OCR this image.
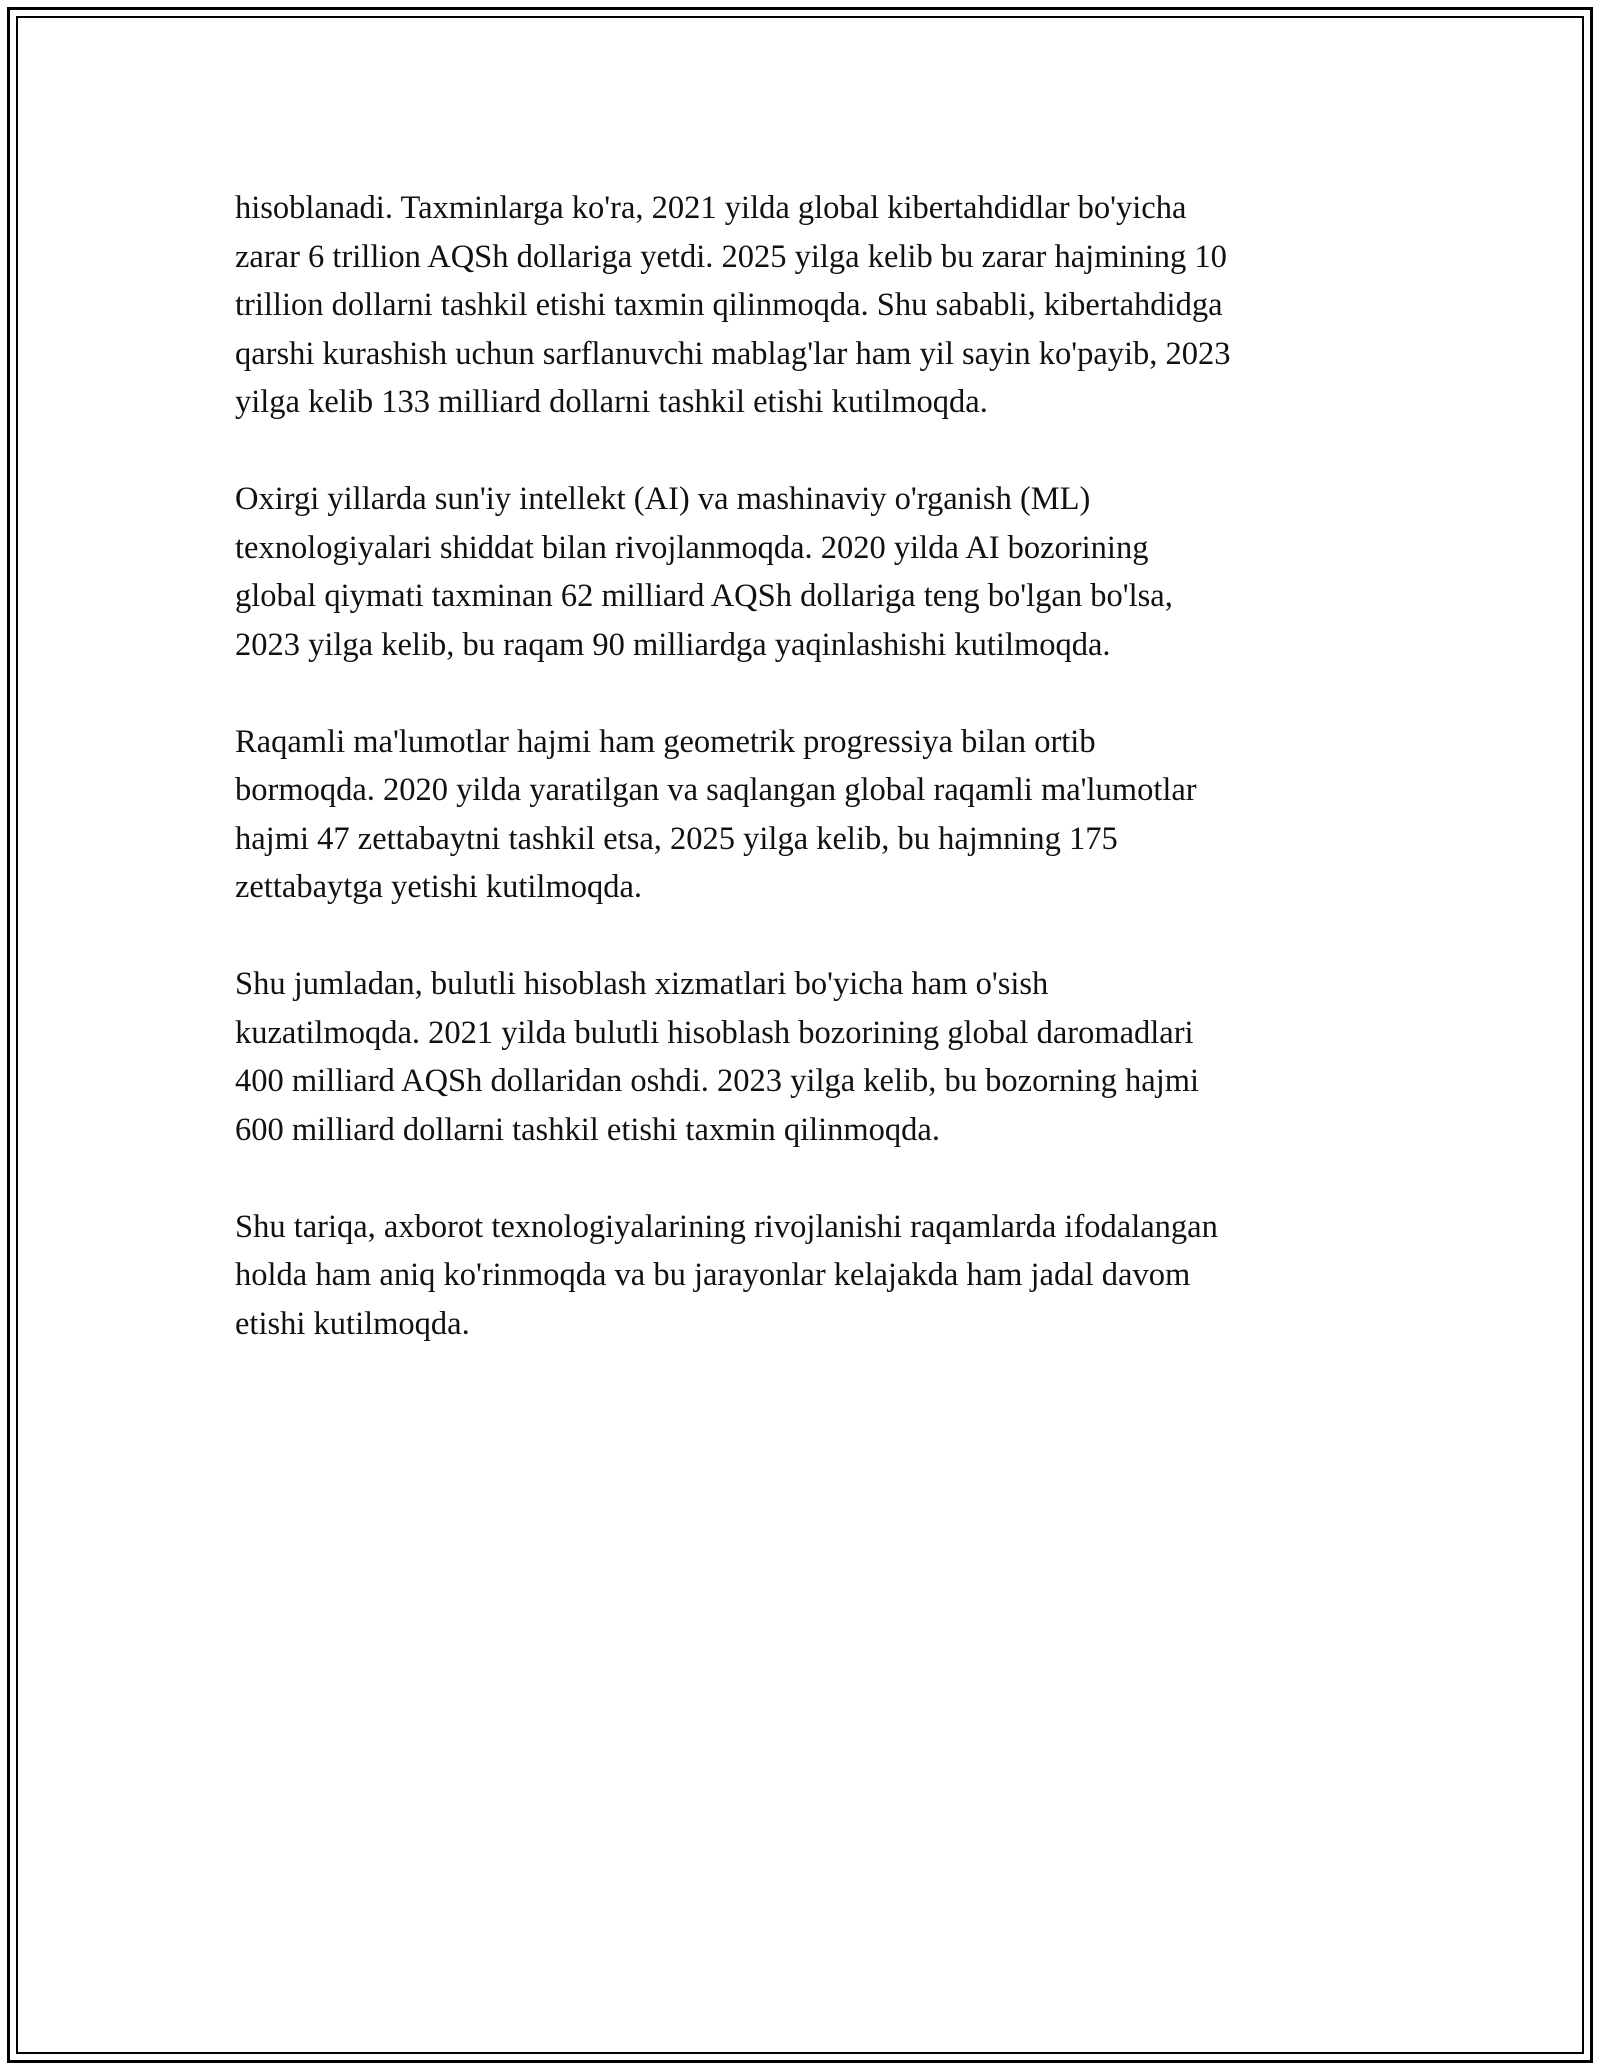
hisoblanadi. Taxminlarga ko'ra, 2021 yilda global kibertahdidlar bo'yicha
zarar 6 trillion AQSh dollariga yetdi. 2025 yilga kelib bu zarar hajmining 10
trillion dollarni tashkil etishi taxmin qilinmoqda. Shu sababli, kibertahdidga
qarshi kurashish uchun sarflanuvchi mablag'lar ham yil sayin ko'payib, 2023
yilga kelib 133 milliard dollarni tashkil etishi kutilmoqda.

Oxirgi yillarda sun'iy intellekt (AI) va mashinaviy o'rganish (ML)
texnologiyalari shiddat bilan rivojlanmoqda. 2020 yilda AI bozorining
global qiymati taxminan 62 milliard AQSh dollariga teng bo'lgan bo'lsa,
2023 yilga kelib, bu raqam 90 milliardga yaqinlashishi kutilmoqda.

Raqamli ma'lumotlar hajmi ham geometrik progressiya bilan ortib
bormoqda. 2020 yilda yaratilgan va saqlangan global raqamli ma'lumotlar
hajmi 47 zettabaytni tashkil etsa, 2025 yilga kelib, bu hajmning 175
zettabaytga yetishi kutilmoqda.

Shu jumladan, bulutli hisoblash xizmatlari bo'yicha ham o'sish
kuzatilmoqda. 2021 yilda bulutli hisoblash bozorining global daromadlari
400 milliard AQSh dollaridan oshdi. 2023 yilga kelib, bu bozorning hajmi
600 milliard dollarni tashkil etishi taxmin qilinmoqda.

Shu tariqa, axborot texnologiyalarining rivojlanishi raqamlarda ifodalangan
holda ham aniq ko'rinmoqda va bu jarayonlar kelajakda ham jadal davom
etishi kutilmoqda.
